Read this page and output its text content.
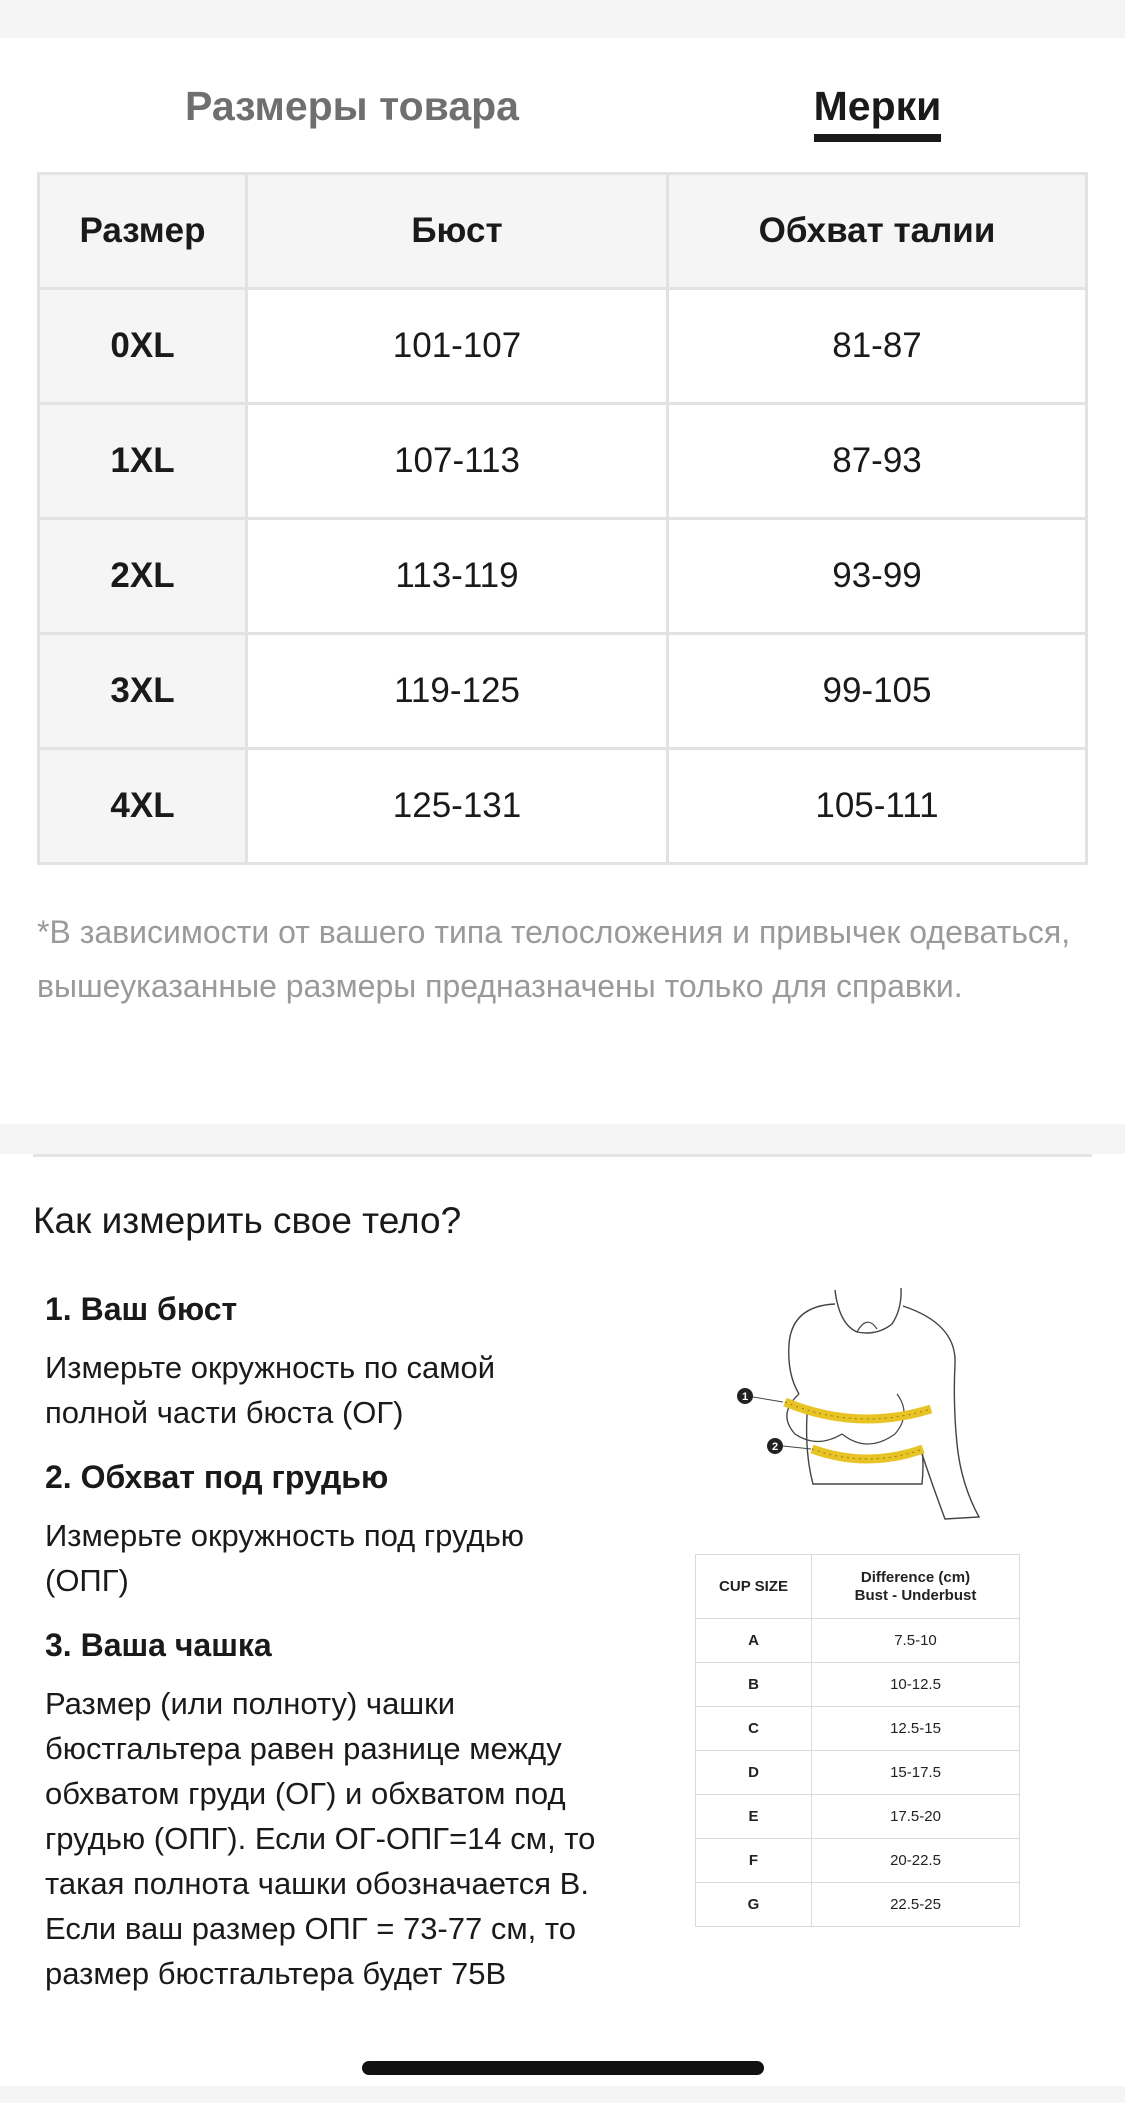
Размеры товара	Мерки
Размер	Бюст	Обхват талии
0XL	101-107	81-87
1XL	107-113	87-93
2XL	113-119	93-99
3XL	119-125	99-105
4XL	125-131	105-111

*В зависимости от вашего типа телосложения и привычек одеваться, вышеуказанные размеры предназначены только для справки.

Как измерить свое тело?
1. Ваш бюст
Измерьте окружность по самой полной части бюста (ОГ)
2. Обхват под грудью
Измерьте окружность под грудью (ОПГ)
3. Ваша чашка
Размер (или полноту) чашки бюстгальтера равен разнице между обхватом груди (ОГ) и обхватом под грудью (ОПГ). Если ОГ-ОПГ=14 см, то такая полнота чашки обозначается В. Если ваш размер ОПГ = 73-77 см, то размер бюстгальтера будет 75B
1
2
CUP SIZE	Difference (cm)
Bust - Underbust

A	7.5-10
B	10-12.5
C	12.5-15
D	15-17.5
E	17.5-20
F	20-22.5
G	22.5-25
